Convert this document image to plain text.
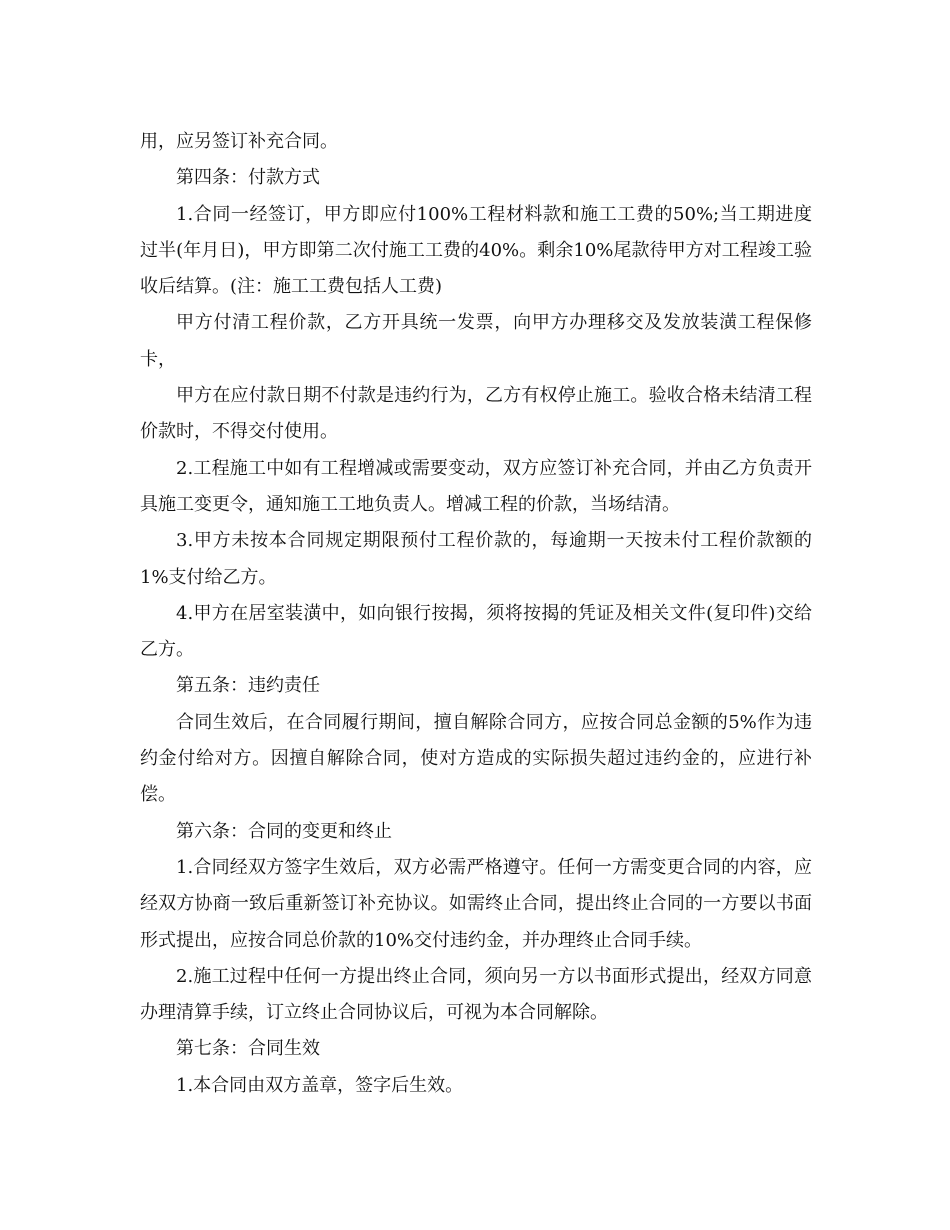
用，应另签订补充合同。

第四条：付款方式

1.合同一经签订，甲方即应付100%工程材料款和施工工费的50%;当工期进度过半(年月日)，甲方即第二次付施工工费的40%。剩余10%尾款待甲方对工程竣工验收后结算。(注：施工工费包括人工费)

甲方付清工程价款，乙方开具统一发票，向甲方办理移交及发放装潢工程保修卡，

甲方在应付款日期不付款是违约行为，乙方有权停止施工。验收合格未结清工程价款时，不得交付使用。

2.工程施工中如有工程增减或需要变动，双方应签订补充合同，并由乙方负责开具施工变更令，通知施工工地负责人。增减工程的价款，当场结清。

3.甲方未按本合同规定期限预付工程价款的，每逾期一天按未付工程价款额的1%支付给乙方。

4.甲方在居室装潢中，如向银行按揭，须将按揭的凭证及相关文件(复印件)交给乙方。

第五条：违约责任

合同生效后，在合同履行期间，擅自解除合同方，应按合同总金额的5%作为违约金付给对方。因擅自解除合同，使对方造成的实际损失超过违约金的，应进行补偿。

第六条：合同的变更和终止

1.合同经双方签字生效后，双方必需严格遵守。任何一方需变更合同的内容，应经双方协商一致后重新签订补充协议。如需终止合同，提出终止合同的一方要以书面形式提出，应按合同总价款的10%交付违约金，并办理终止合同手续。

2.施工过程中任何一方提出终止合同，须向另一方以书面形式提出，经双方同意办理清算手续，订立终止合同协议后，可视为本合同解除。

第七条：合同生效

1.本合同由双方盖章，签字后生效。
